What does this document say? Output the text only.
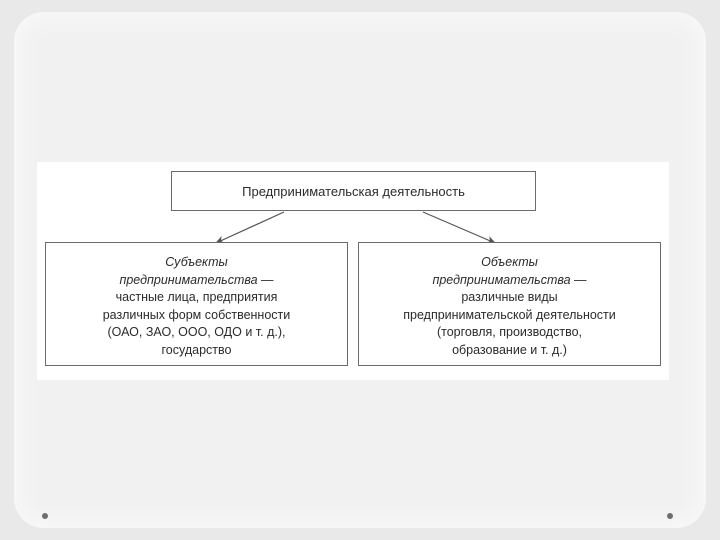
Предпринимательская деятельность
Субъекты
предпринимательства —
частные лица, предприятия
различных форм собственности
(ОАО, ЗАО, ООО, ОДО и т. д.),
государство
Объекты
предпринимательства —
различные виды
предпринимательской деятельности
(торговля, производство,
образование и т. д.)
